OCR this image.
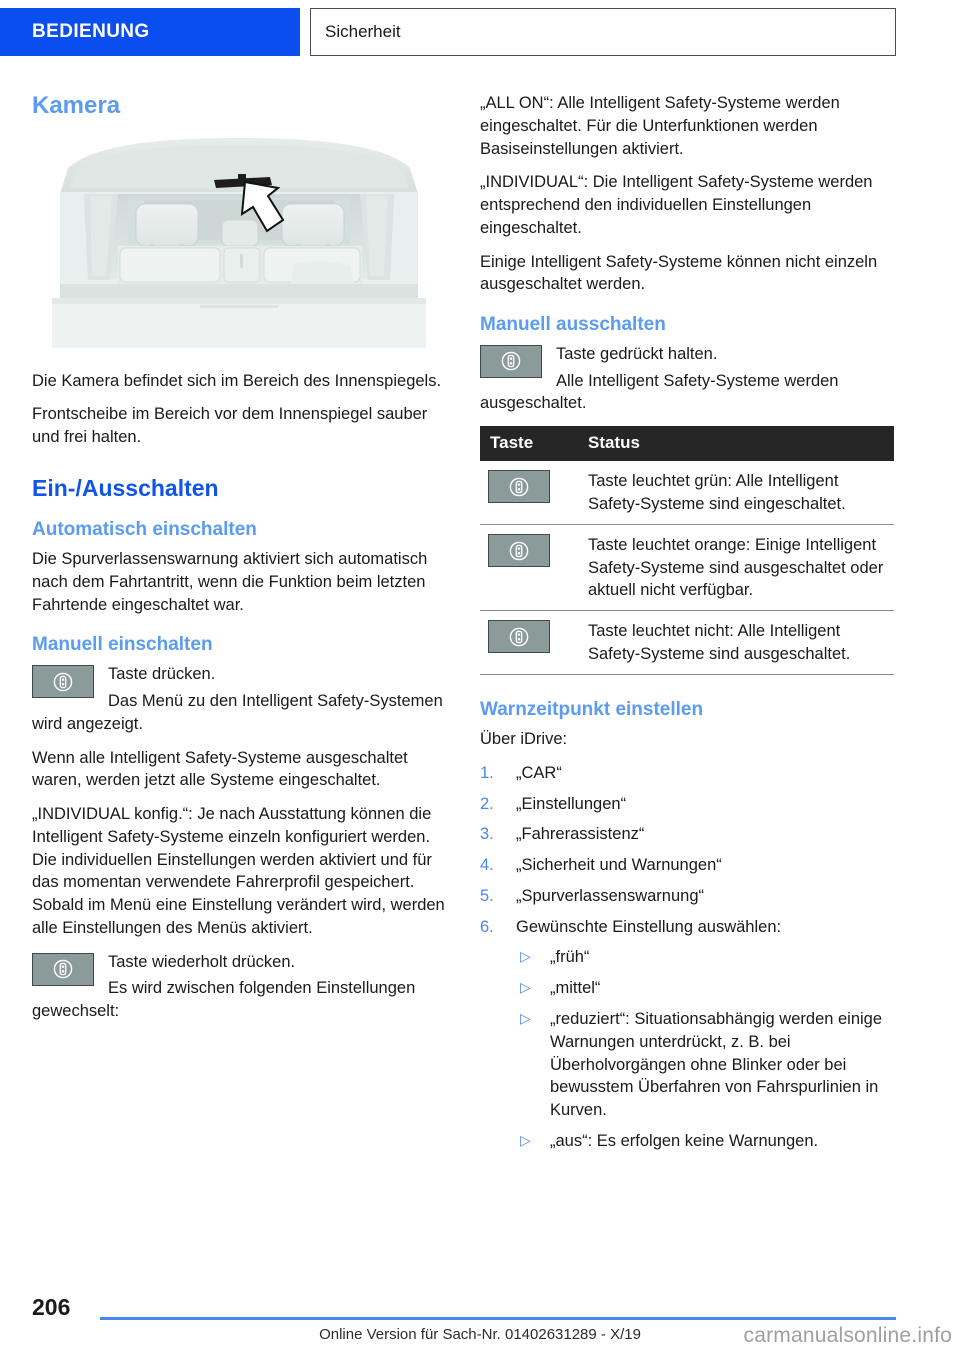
BEDIENUNG	Sicherheit
Kamera

Die Kamera befindet sich im Bereich des Innenspiegels.

Frontscheibe im Bereich vor dem Innenspiegel sauber und frei halten.

Ein-/Ausschalten
Automatisch einschalten

Die Spurverlassenswarnung aktiviert sich automatisch nach dem Fahrtantritt, wenn die Funktion beim letzten Fahrtende eingeschaltet war.

Manuell einschalten

Taste drücken.

Das Menü zu den Intelligent Safety-Systemen wird angezeigt.

Wenn alle Intelligent Safety-Systeme ausgeschaltet waren, werden jetzt alle Systeme eingeschaltet.

„INDIVIDUAL konfig.“: Je nach Ausstattung können die Intelligent Safety-Systeme einzeln konfiguriert werden. Die individuellen Einstellungen werden aktiviert und für das momentan verwendete Fahrerprofil gespeichert. Sobald im Menü eine Einstellung verändert wird, werden alle Einstellungen des Menüs aktiviert.

Taste wiederholt drücken.

Es wird zwischen folgenden Einstellungen gewechselt:

„ALL ON“: Alle Intelligent Safety-Systeme werden eingeschaltet. Für die Unterfunktionen werden Basiseinstellungen aktiviert.

„INDIVIDUAL“: Die Intelligent Safety-Systeme werden entsprechend den individuellen Einstellungen eingeschaltet.

Einige Intelligent Safety-Systeme können nicht einzeln ausgeschaltet werden.

Manuell ausschalten

Taste gedrückt halten.

Alle Intelligent Safety-Systeme werden ausgeschaltet.

Taste	Status

	Taste leuchtet grün: Alle Intelligent Safety-Systeme sind eingeschaltet.

	Taste leuchtet orange: Einige Intelligent Safety-Systeme sind ausgeschaltet oder aktuell nicht verfügbar.

	Taste leuchtet nicht: Alle Intelligent Safety-Systeme sind ausgeschaltet.
Warnzeitpunkt einstellen

Über iDrive:

1. „CAR“
2. „Einstellungen“
3. „Fahrerassistenz“
4. „Sicherheit und Warnungen“
5. „Spurverlassenswarnung“
6. Gewünschte Einstellung auswählen:
▷ „früh“
▷ „mittel“
▷ „reduziert“: Situationsabhängig werden einige Warnungen unterdrückt, z. B. bei Überholvorgängen ohne Blinker oder bei bewusstem Überfahren von Fahrspurlinien in Kurven.
▷ „aus“: Es erfolgen keine Warnungen.
206
Online Version für Sach-Nr. 01402631289 - X/19	carmanualsonline.info
